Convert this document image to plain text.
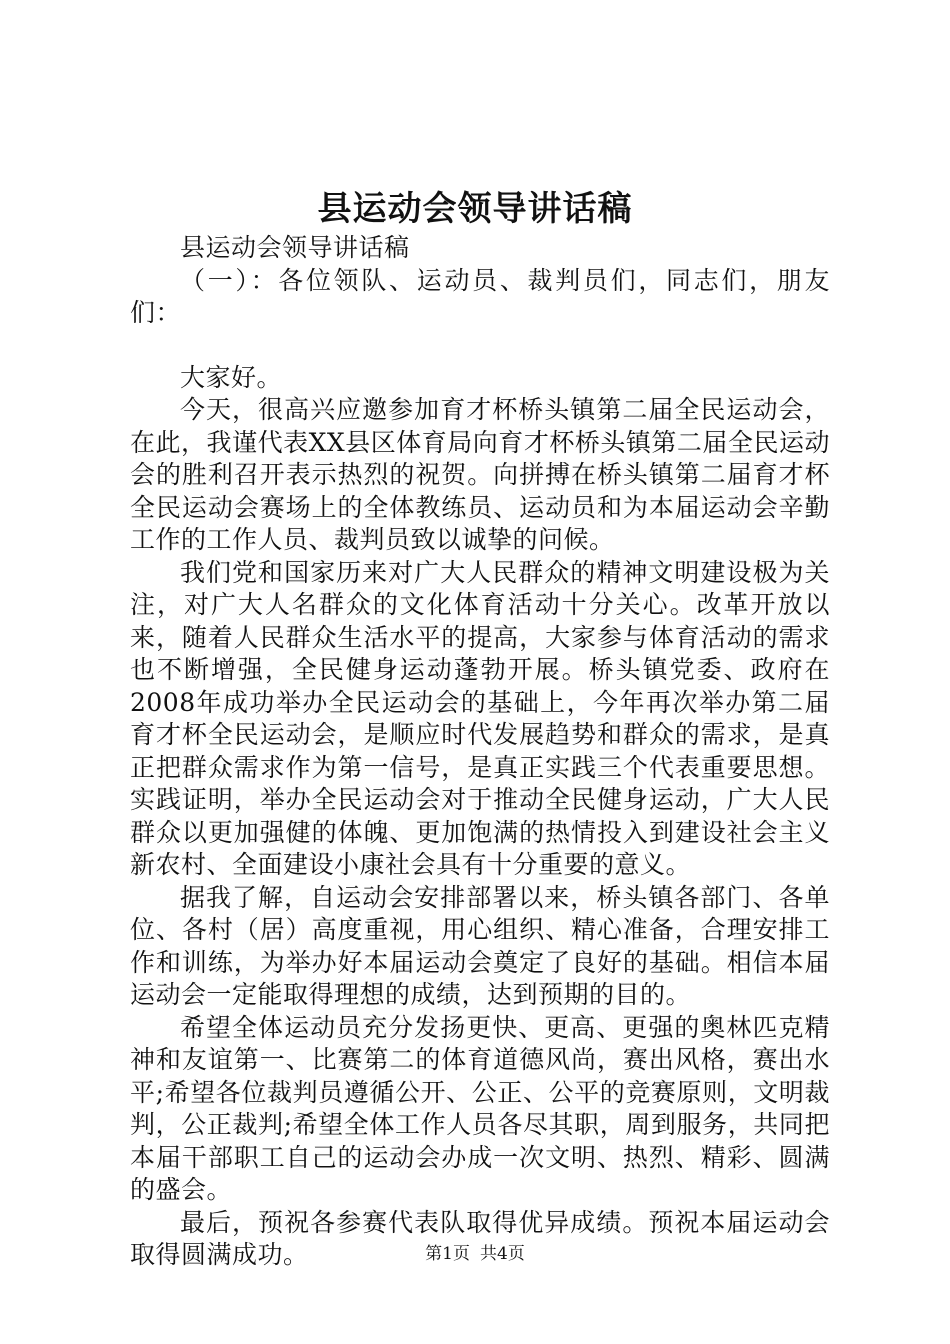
县运动会领导讲话稿

县运动会领导讲话稿

（一）：各位领队、运动员、裁判员们，同志们，朋友们：

大家好。

今天，很高兴应邀参加育才杯桥头镇第二届全民运动会，在此，我谨代表XX县区体育局向育才杯桥头镇第二届全民运动会的胜利召开表示热烈的祝贺。向拼搏在桥头镇第二届育才杯全民运动会赛场上的全体教练员、运动员和为本届运动会辛勤工作的工作人员、裁判员致以诚挚的问候。

我们党和国家历来对广大人民群众的精神文明建设极为关注，对广大人名群众的文化体育活动十分关心。改革开放以来，随着人民群众生活水平的提高，大家参与体育活动的需求也不断增强，全民健身运动蓬勃开展。桥头镇党委、政府在2008年成功举办全民运动会的基础上，今年再次举办第二届育才杯全民运动会，是顺应时代发展趋势和群众的需求，是真正把群众需求作为第一信号，是真正实践三个代表重要思想。实践证明，举办全民运动会对于推动全民健身运动，广大人民群众以更加强健的体魄、更加饱满的热情投入到建设社会主义新农村、全面建设小康社会具有十分重要的意义。

据我了解，自运动会安排部署以来，桥头镇各部门、各单位、各村（居）高度重视，用心组织、精心准备，合理安排工作和训练，为举办好本届运动会奠定了良好的基础。相信本届运动会一定能取得理想的成绩，达到预期的目的。

希望全体运动员充分发扬更快、更高、更强的奥林匹克精神和友谊第一、比赛第二的体育道德风尚，赛出风格，赛出水平;希望各位裁判员遵循公开、公正、公平的竞赛原则，文明裁判，公正裁判;希望全体工作人员各尽其职，周到服务，共同把本届干部职工自己的运动会办成一次文明、热烈、精彩、圆满的盛会。

最后，预祝各参赛代表队取得优异成绩。预祝本届运动会取得圆满成功。	第1页 共4页
